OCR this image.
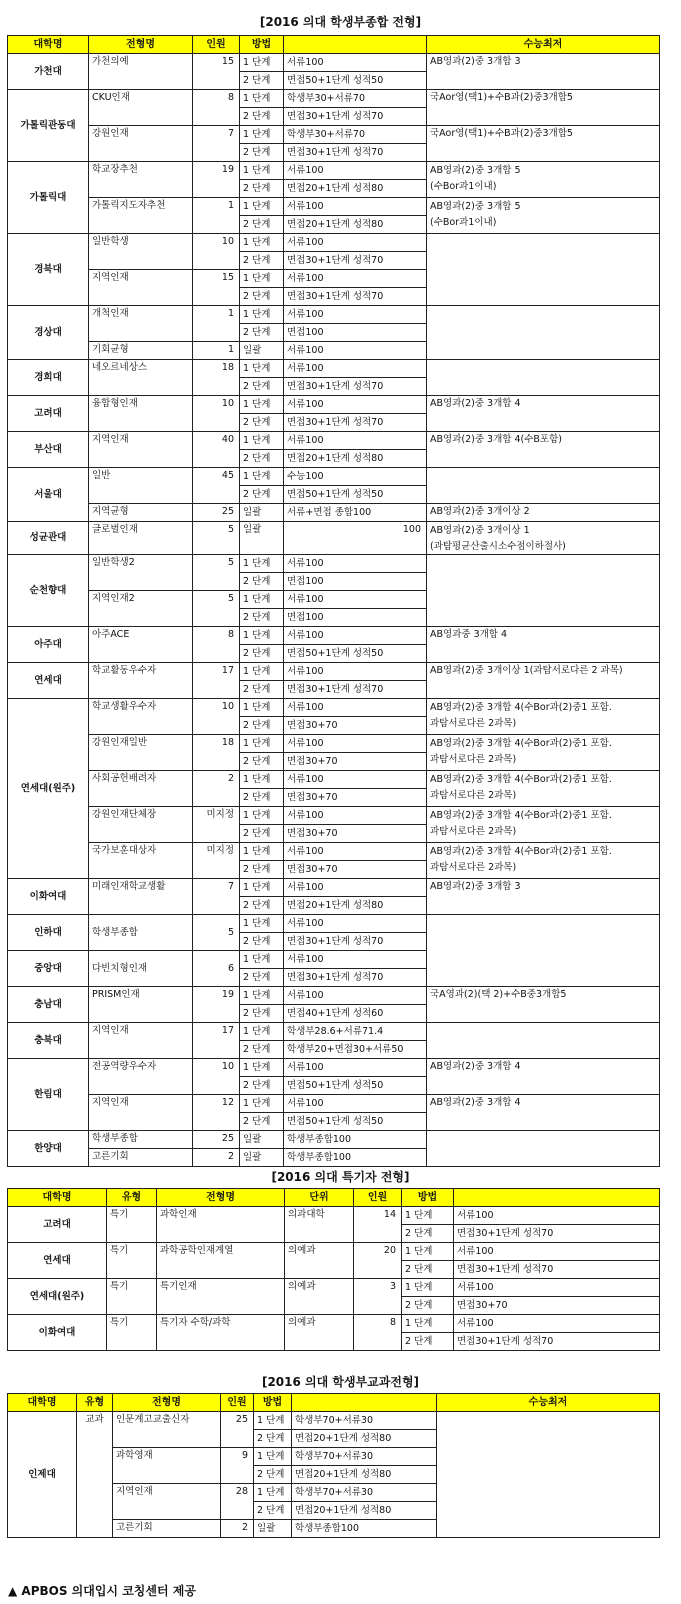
[2016 의대 학생부종합 전형]
대학명	전형명	인원	방법		수능최저	
가천대	가천의예	15	1 단계	서류100	AB영과(2)중 3개합 3	
			2 단계	면접50+1단계 성적50		
가톨릭관동대	CKU인재	8	1 단계	학생부30+서류70	국Aor영(택1)+수B과(2)중3개합5	
			2 단계	면접30+1단계 성적70		
	강원인재	7	1 단계	학생부30+서류70	국Aor영(택1)+수B과(2)중3개합5	
			2 단계	면접30+1단계 성적70		
가톨릭대	학교장추천	19	1 단계	서류100	AB영과(2)중 3개합 5
(수Bor과1이내)	

			2 단계	면접20+1단계 성적80		
	가톨릭지도자추천	1	1 단계	서류100	AB영과(2)중 3개합 5
(수Bor과1이내)	

			2 단계	면접20+1단계 성적80		
경북대	일반학생	10	1 단계	서류100		
			2 단계	면접30+1단계 성적70		
	지역인재	15	1 단계	서류100	
			2 단계	면접30+1단계 성적70		
경상대	개척인재	1	1 단계	서류100		
			2 단계	면접100		
	기회균형	1	일괄	서류100		
경희대	네오르네상스	18	1 단계	서류100		
			2 단계	면접30+1단계 성적70		
고려대	융합형인재	10	1 단계	서류100	AB영과(2)중 3개합 4	
			2 단계	면접30+1단계 성적70		
부산대	지역인재	40	1 단계	서류100	AB영과(2)중 3개합 4(수B포함)	
			2 단계	면접20+1단계 성적80		
서울대	일반	45	1 단계	수능100		
			2 단계	면접50+1단계 성적50		
	지역균형	25	일괄	서류+면접 종합100	AB영과(2)중 3개이상 2	
성균관대	글로벌인재	5	일괄	100	AB영과(2)중 3개이상 1
(과탐평균산출시소수점이하절사)	

순천향대	일반학생2	5	1 단계	서류100		
			2 단계	면접100		
	지역인재2	5	1 단계	서류100		
			2 단계	면접100		
아주대	아주ACE	8	1 단계	서류100	AB영과중 3개합 4	
			2 단계	면접50+1단계 성적50		
연세대	학교활동우수자	17	1 단계	서류100	AB영과(2)중 3개이상 1(과탐서로다른 2 과목)	
			2 단계	면접30+1단계 성적70		
연세대(원주)	학교생활우수자	10	1 단계	서류100	AB영과(2)중 3개합 4(수Bor과(2)중1 포함.
과탐서로다른 2과목)	

			2 단계	면접30+70		
	강원인재일반	18	1 단계	서류100	AB영과(2)중 3개합 4(수Bor과(2)중1 포함.
과탐서로다른 2과목)	

			2 단계	면접30+70		
	사회공헌배려자	2	1 단계	서류100	AB영과(2)중 3개합 4(수Bor과(2)중1 포함.
과탐서로다른 2과목)	

			2 단계	면접30+70		
	강원인재단체장	미지정	1 단계	서류100	AB영과(2)중 3개합 4(수Bor과(2)중1 포함.
과탐서로다른 2과목)	

			2 단계	면접30+70		
	국가보훈대상자	미지정	1 단계	서류100	AB영과(2)중 3개합 4(수Bor과(2)중1 포함.
과탐서로다른 2과목)	

			2 단계	면접30+70		
이화여대	미래인재학교생활	7	1 단계	서류100	AB영과(2)중 3개합 3	
			2 단계	면접20+1단계 성적80		
인하대	학생부종합	5	1 단계	서류100		
			2 단계	면접30+1단계 성적70		
중앙대	다빈치형인재	6	1 단계	서류100		
			2 단계	면접30+1단계 성적70		
충남대	PRISM인재	19	1 단계	서류100	국A영과(2)(택 2)+수B중3개합5	
			2 단계	면접40+1단계 성적60		
충북대	지역인재	17	1 단계	학생부28.6+서류71.4		
			2 단계	학생부20+면접30+서류50		
한림대	전공역량우수자	10	1 단계	서류100	AB영과(2)중 3개합 4	
			2 단계	면접50+1단계 성적50		
	지역인재	12	1 단계	서류100	AB영과(2)중 3개합 4	
			2 단계	면접50+1단계 성적50		
한양대	학생부종합	25	일괄	학생부종합100		
	고른기회	2	일괄	학생부종합100		
[2016 의대 특기자 전형]
대학명	유형	전형명	단위	인원	방법	
고려대	특기	과학인재	의과대학	14	1 단계	서류100
					2 단계	면접30+1단계 성적70
연세대	특기	과학공학인재계열	의예과	20	1 단계	서류100
					2 단계	면접30+1단계 성적70
연세대(원주)	특기	특기인재	의예과	3	1 단계	서류100
					2 단계	면접30+70
이화여대	특기	특기자 수학/과학	의예과	8	1 단계	서류100
					2 단계	면접30+1단계 성적70
[2016 의대 학생부교과전형]
대학명	유형	전형명	인원	방법		수능최저
인제대	교과	인문계고교출신자	25	1 단계	학생부70+서류30	
				2 단계	면접20+1단계 성적80	
		과학영재	9	1 단계	학생부70+서류30	
				2 단계	면접20+1단계 성적80	
		지역인재	28	1 단계	학생부70+서류30	
				2 단계	면접20+1단계 성적80	
		고른기회	2	일괄	학생부종합100	
▲ APBOS 의대입시 코칭센터 제공
